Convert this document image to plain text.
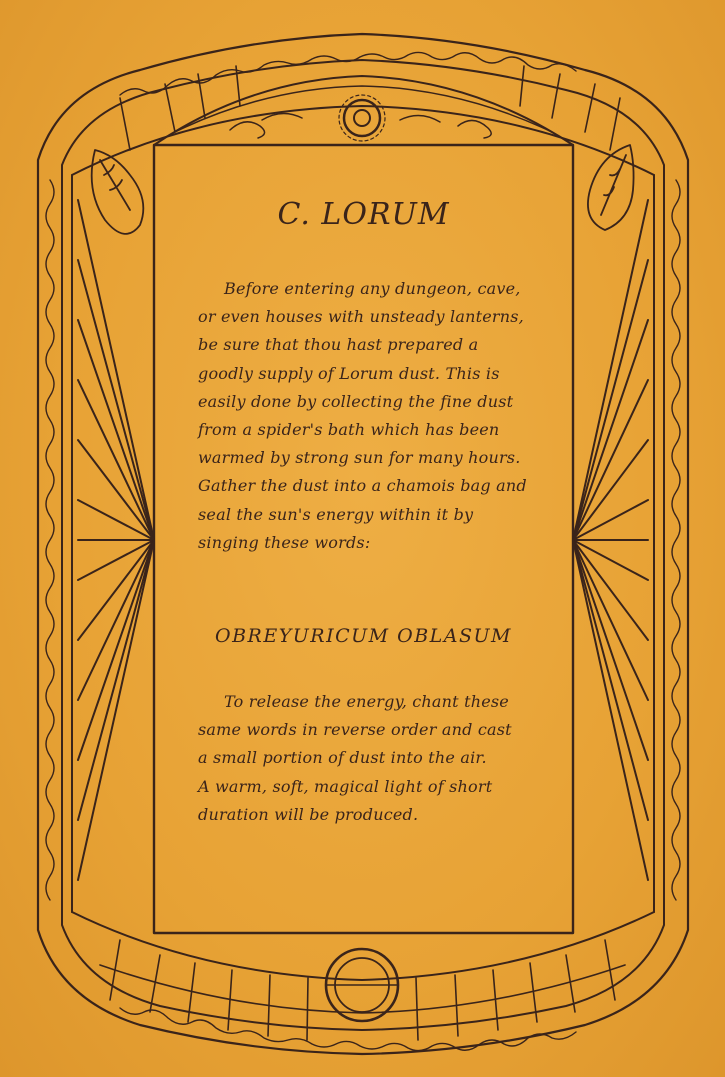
C. LORUM

Before entering any dungeon, cave,
or even houses with unsteady lanterns,
be sure that thou hast prepared a
goodly supply of Lorum dust. This is
easily done by collecting the fine dust
from a spider's bath which has been
warmed by strong sun for many hours.
Gather the dust into a chamois bag and
seal the sun's energy within it by
singing these words:

OBREYURICUM OBLASUM

To release the energy, chant these
same words in reverse order and cast
a small portion of dust into the air.
A warm, soft, magical light of short
duration will be produced.
